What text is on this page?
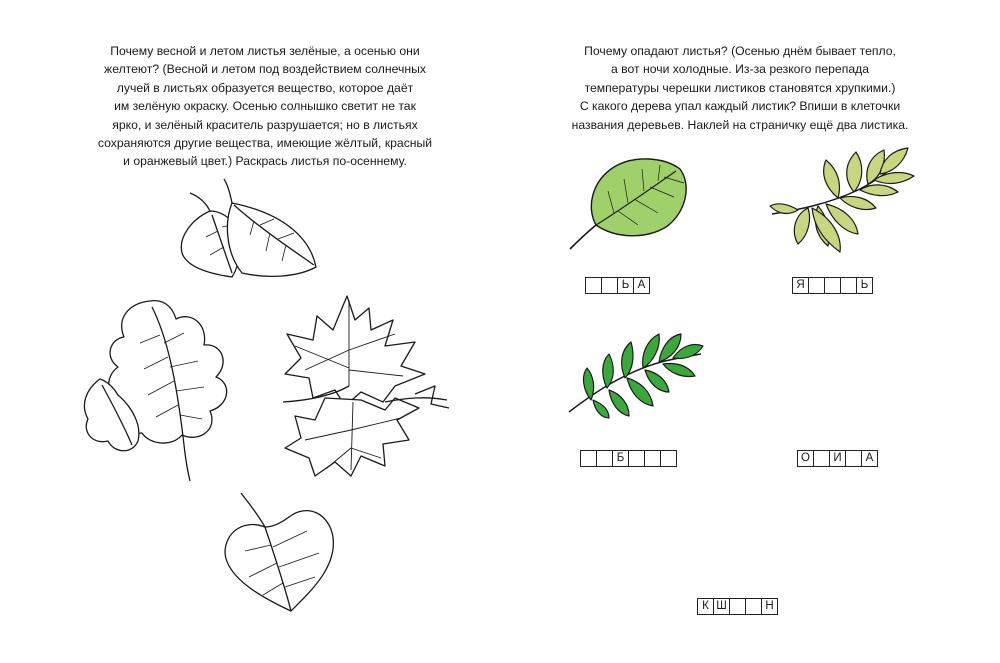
Почему весной и летом листья зелёные, а осенью они
желтеют? (Весной и летом под воздействием солнечных
лучей в листьях образуется вещество, которое даёт
им зелёную окраску. Осенью солнышко светит не так
ярко, и зелёный краситель разрушается; но в листьях
сохраняются другие вещества, имеющие жёлтый, красный
и оранжевый цвет.) Раскрась листья по-осеннему.
Почему опадают листья? (Осенью днём бывает тепло,
а вот ночи холодные. Из-за резкого перепада
температуры черешки листиков становятся хрупкими.)
С какого дерева упал каждый листик? Впиши в клеточки
названия деревьев. Наклей на страничку ещё два листика.
Ь А	Я	Ь
Б	О	И	А
К Ш	Н
